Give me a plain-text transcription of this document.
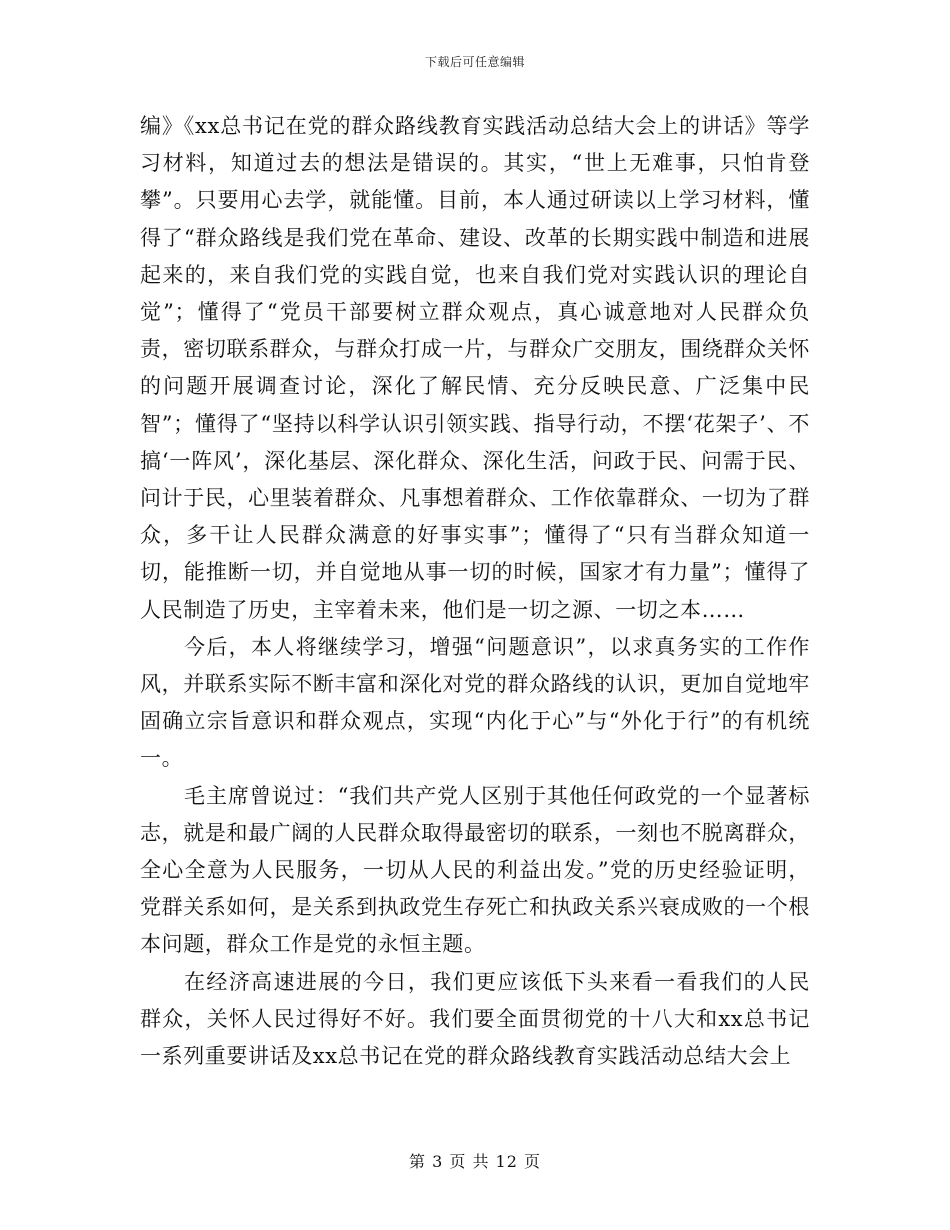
下载后可任意编辑

编》《xx总书记在党的群众路线教育实践活动总结大会上的讲话》等学习材料，知道过去的想法是错误的。其实，“世上无难事，只怕肯登攀”。只要用心去学，就能懂。目前，本人通过研读以上学习材料，懂得了“群众路线是我们党在革命、建设、改革的长期实践中制造和进展起来的，来自我们党的实践自觉，也来自我们党对实践认识的理论自觉”；懂得了“党员干部要树立群众观点，真心诚意地对人民群众负责，密切联系群众，与群众打成一片，与群众广交朋友，围绕群众关怀的问题开展调查讨论，深化了解民情、充分反映民意、广泛集中民智”；懂得了“坚持以科学认识引领实践、指导行动，不摆‘花架子’、不搞‘一阵风’，深化基层、深化群众、深化生活，问政于民、问需于民、问计于民，心里装着群众、凡事想着群众、工作依靠群众、一切为了群众，多干让人民群众满意的好事实事”；懂得了“只有当群众知道一切，能推断一切，并自觉地从事一切的时候，国家才有力量”；懂得了人民制造了历史，主宰着未来，他们是一切之源、一切之本……

今后，本人将继续学习，增强“问题意识”，以求真务实的工作作风，并联系实际不断丰富和深化对党的群众路线的认识，更加自觉地牢固确立宗旨意识和群众观点，实现“内化于心”与“外化于行”的有机统一。

毛主席曾说过：“我们共产党人区别于其他任何政党的一个显著标志，就是和最广阔的人民群众取得最密切的联系，一刻也不脱离群众，全心全意为人民服务，一切从人民的利益出发。”党的历史经验证明，党群关系如何，是关系到执政党生存死亡和执政关系兴衰成败的一个根本问题，群众工作是党的永恒主题。

在经济高速进展的今日，我们更应该低下头来看一看我们的人民群众，关怀人民过得好不好。我们要全面贯彻党的十八大和xx总书记一系列重要讲话及xx总书记在党的群众路线教育实践活动总结大会上

第 3 页 共 12 页
